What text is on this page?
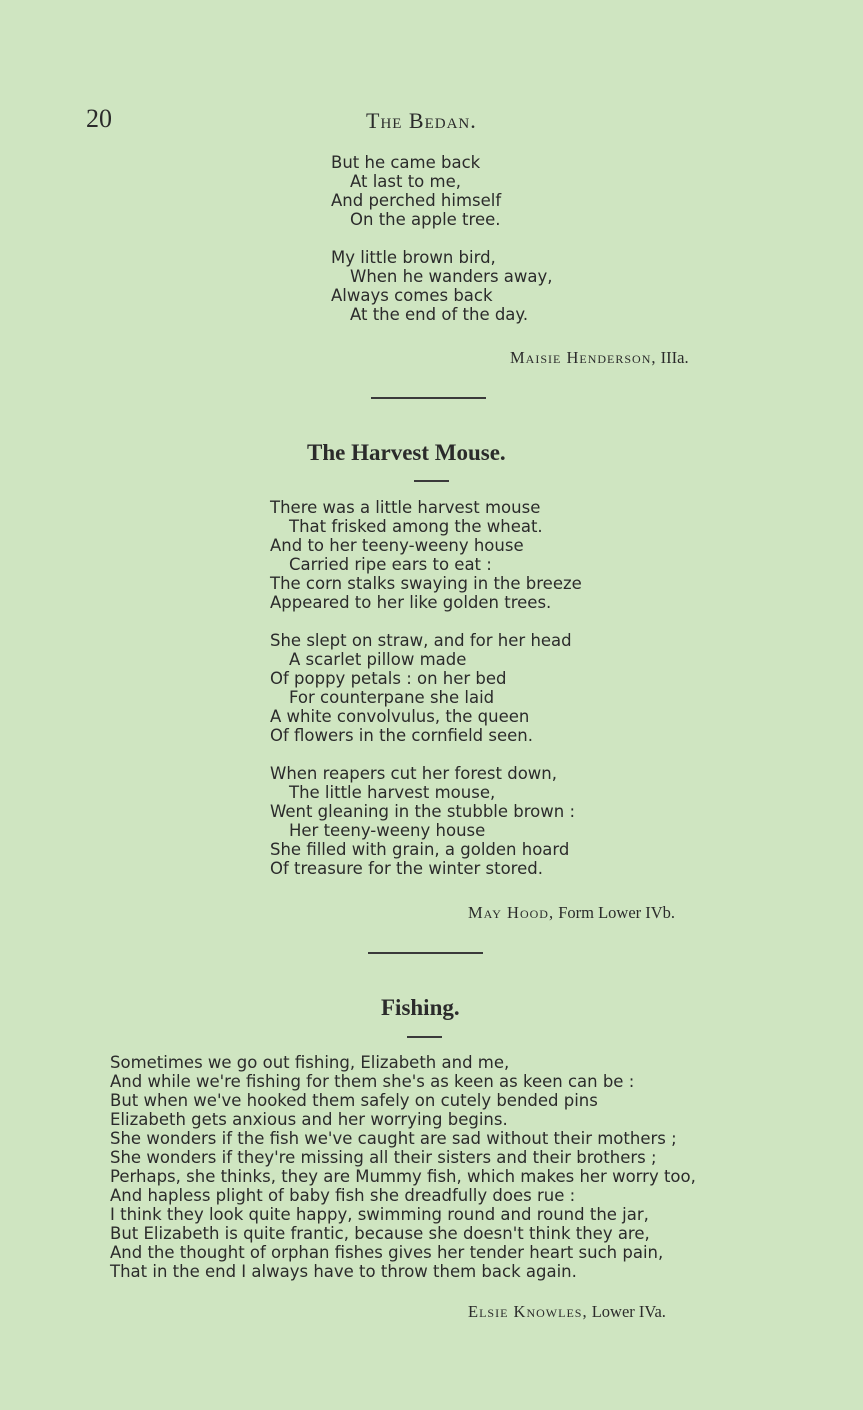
20	The Bedan.
But he came back
At last to me,
And perched himself
On the apple tree.
My little brown bird,
When he wanders away,
Always comes back
At the end of the day.
Maisie Henderson, IIIa.
The Harvest Mouse.
There was a little harvest mouse
That frisked among the wheat.
And to her teeny-weeny house
Carried ripe ears to eat :
The corn stalks swaying in the breeze
Appeared to her like golden trees.
She slept on straw, and for her head
A scarlet pillow made
Of poppy petals : on her bed
For counterpane she laid
A white convolvulus, the queen
Of flowers in the cornfield seen.
When reapers cut her forest down,
The little harvest mouse,
Went gleaning in the stubble brown :
Her teeny-weeny house
She filled with grain, a golden hoard
Of treasure for the winter stored.
May Hood, Form Lower IVb.
Fishing.
Sometimes we go out fishing, Elizabeth and me,
And while we're fishing for them she's as keen as keen can be :
But when we've hooked them safely on cutely bended pins
Elizabeth gets anxious and her worrying begins.
She wonders if the fish we've caught are sad without their mothers ;
She wonders if they're missing all their sisters and their brothers ;
Perhaps, she thinks, they are Mummy fish, which makes her worry too,
And hapless plight of baby fish she dreadfully does rue :
I think they look quite happy, swimming round and round the jar,
But Elizabeth is quite frantic, because she doesn't think they are,
And the thought of orphan fishes gives her tender heart such pain,
That in the end I always have to throw them back again.
Elsie Knowles, Lower IVa.
